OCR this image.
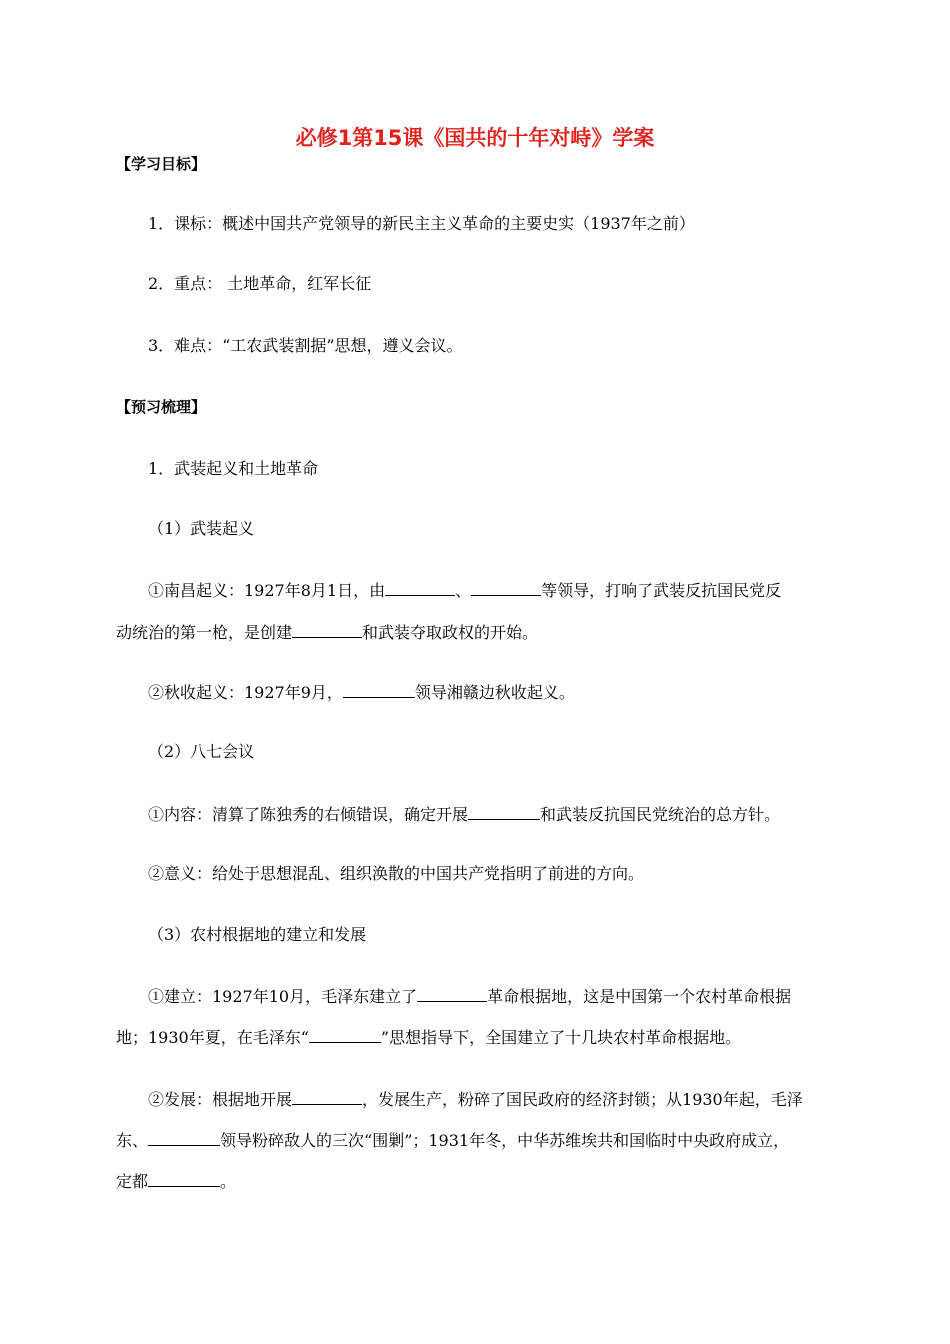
必修1第15课《国共的十年对峙》学案
【学习目标】
1．课标：概述中国共产党领导的新民主主义革命的主要史实（1937年之前）
2．重点： 土地革命，红军长征
3．难点：“工农武装割据”思想，遵义会议。
【预习梳理】
1．武装起义和土地革命
（1）武装起义
①南昌起义：1927年8月1日，由	、	等领导，打响了武装反抗国民党反
动统治的第一枪，是创建	和武装夺取政权的开始。
②秋收起义：1927年9月，	领导湘赣边秋收起义。
（2）八七会议
①内容：清算了陈独秀的右倾错误，确定开展	和武装反抗国民党统治的总方针。
②意义：给处于思想混乱、组织涣散的中国共产党指明了前进的方向。
（3）农村根据地的建立和发展
①建立：1927年10月，毛泽东建立了	革命根据地，这是中国第一个农村革命根据
地；1930年夏，在毛泽东“	”思想指导下，全国建立了十几块农村革命根据地。
②发展：根据地开展	，发展生产，粉碎了国民政府的经济封锁；从1930年起，毛泽
东、	领导粉碎敌人的三次“围剿”；1931年冬，中华苏维埃共和国临时中央政府成立，
定都	。
